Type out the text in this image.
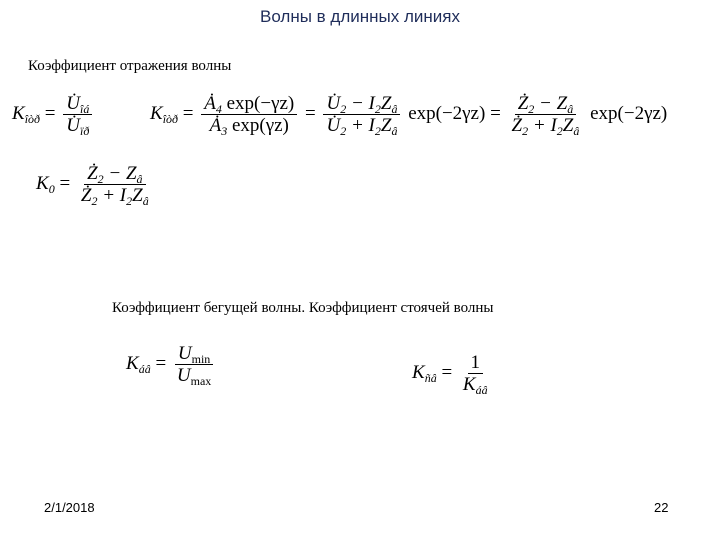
Волны в длинных линиях
Коэффициент отражения волны
$K_{îòð} = \frac{U̇_{îá}}{U̇_{ïð}}$	$K_{îòð} = \frac{Ȧ_4 \exp(-\gamma z)}{Ȧ_3 \exp(\gamma z)} = \frac{U̇_2 - I_2Z_â}{U̇_2 + I_2Z_â} \exp(-2\gamma z) = \frac{Ż_2 - Z_â}{Ż_2 + I_2Z_â} \exp(-2\gamma z)$
$K_0 = \frac{Ż_2 - Z_â}{Ż_2 + I_2Z_â}$
Коэффициент бегущей волны. Коэффициент стоячей волны
$K_{áâ} = \frac{U_{min}}{U_{max}}$	$K_{ñâ} = \frac{1}{K_{áâ}}$
2/1/2018	22
